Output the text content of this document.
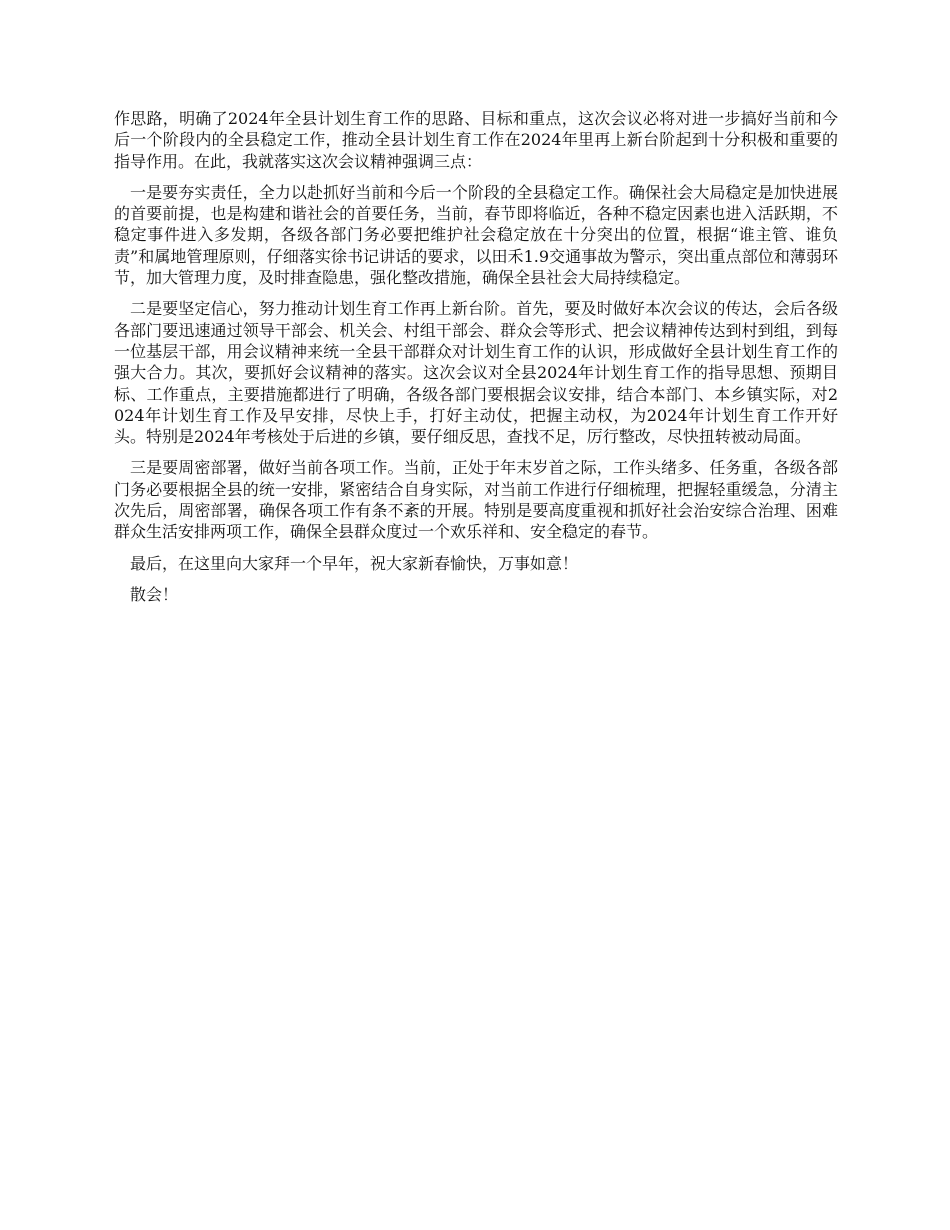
作思路，明确了2024年全县计划生育工作的思路、目标和重点，这次会议必将对进一步搞好当前和今后一个阶段内的全县稳定工作，推动全县计划生育工作在2024年里再上新台阶起到十分积极和重要的指导作用。在此，我就落实这次会议精神强调三点：

一是要夯实责任，全力以赴抓好当前和今后一个阶段的全县稳定工作。确保社会大局稳定是加快进展的首要前提，也是构建和谐社会的首要任务，当前，春节即将临近，各种不稳定因素也进入活跃期，不稳定事件进入多发期，各级各部门务必要把维护社会稳定放在十分突出的位置，根据“谁主管、谁负责”和属地管理原则，仔细落实徐书记讲话的要求，以田禾1.9交通事故为警示，突出重点部位和薄弱环节，加大管理力度，及时排查隐患，强化整改措施，确保全县社会大局持续稳定。

二是要坚定信心，努力推动计划生育工作再上新台阶。首先，要及时做好本次会议的传达，会后各级各部门要迅速通过领导干部会、机关会、村组干部会、群众会等形式、把会议精神传达到村到组，到每一位基层干部，用会议精神来统一全县干部群众对计划生育工作的认识，形成做好全县计划生育工作的强大合力。其次，要抓好会议精神的落实。这次会议对全县2024年计划生育工作的指导思想、预期目标、工作重点，主要措施都进行了明确，各级各部门要根据会议安排，结合本部门、本乡镇实际，对2024年计划生育工作及早安排，尽快上手，打好主动仗，把握主动权，为2024年计划生育工作开好头。特别是2024年考核处于后进的乡镇，要仔细反思，查找不足，厉行整改，尽快扭转被动局面。

三是要周密部署，做好当前各项工作。当前，正处于年末岁首之际，工作头绪多、任务重，各级各部门务必要根据全县的统一安排，紧密结合自身实际，对当前工作进行仔细梳理，把握轻重缓急，分清主次先后，周密部署，确保各项工作有条不紊的开展。特别是要高度重视和抓好社会治安综合治理、困难群众生活安排两项工作，确保全县群众度过一个欢乐祥和、安全稳定的春节。

最后，在这里向大家拜一个早年，祝大家新春愉快，万事如意！

散会！
